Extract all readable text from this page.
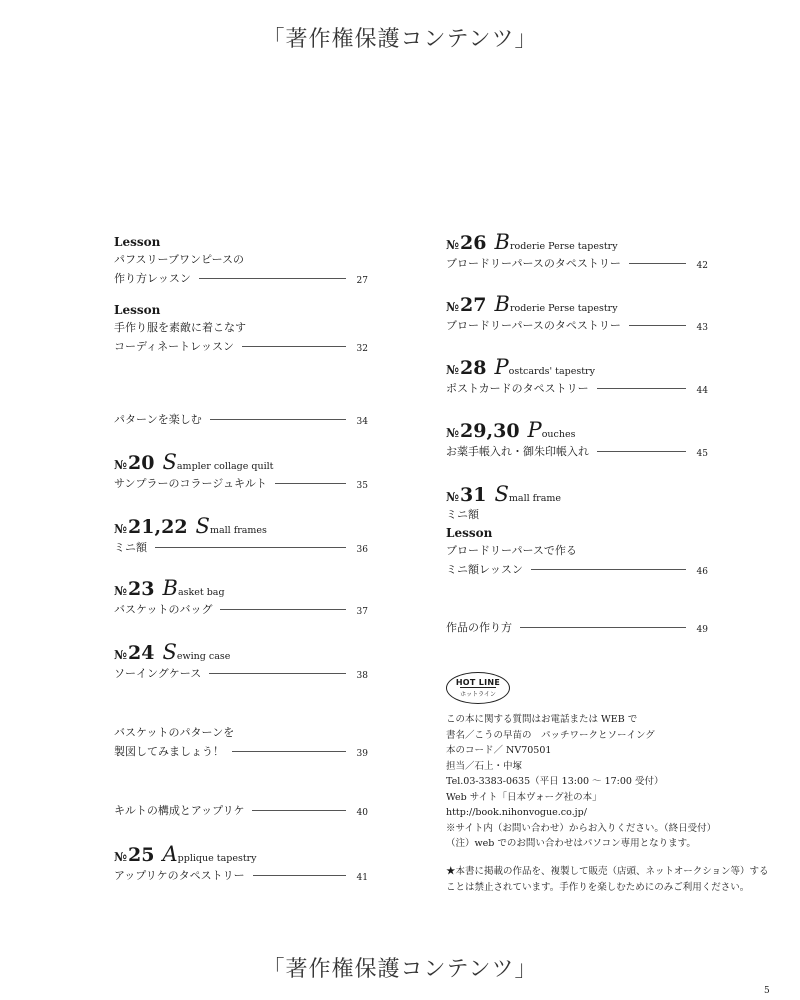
「著作権保護コンテンツ」
Lesson
パフスリーブワンピースの
作り方レッスン	27
Lesson
手作り服を素敵に着こなす
コーディネートレッスン	32
パターンを楽しむ	34
№ 20 S ampler collage quilt
サンプラーのコラージュキルト	35
№ 21,22 S mall frames
ミニ額	36
№ 23 B asket bag
バスケットのバッグ	37
№ 24 S ewing case
ソーイングケース	38
バスケットのパターンを
製図してみましょう！	39
キルトの構成とアップリケ	40
№ 25 A pplique tapestry
アップリケのタペストリー	41
№ 26 B roderie Perse tapestry
ブロードリーパースのタペストリー	42
№ 27 B roderie Perse tapestry
ブロードリーパースのタペストリー	43
№ 28 P ostcards' tapestry
ポストカードのタペストリー	44
№ 29,30 P ouches
お薬手帳入れ・御朱印帳入れ	45
№ 31 S mall frame
ミニ額
Lesson
ブロードリーパースで作る
ミニ額レッスン	46
作品の作り方	49
HOT LINE
ホットライン
この本に関する質問はお電話または WEB で
書名／こうの早苗の　パッチワークとソーイング
本のコード／ NV70501
担当／石上・中塚
Tel.03-3383-0635（平日 13:00 ～ 17:00 受付）
Web サイト「日本ヴォーグ社の本」
http://book.nihonvogue.co.jp/
※サイト内（お問い合わせ）からお入りください。（終日受付）
（注）web でのお問い合わせはパソコン専用となります。
★本書に掲載の作品を、複製して販売（店頭、ネットオークション等）することは禁止されています。手作りを楽しむためにのみご利用ください。
「著作権保護コンテンツ」
5
